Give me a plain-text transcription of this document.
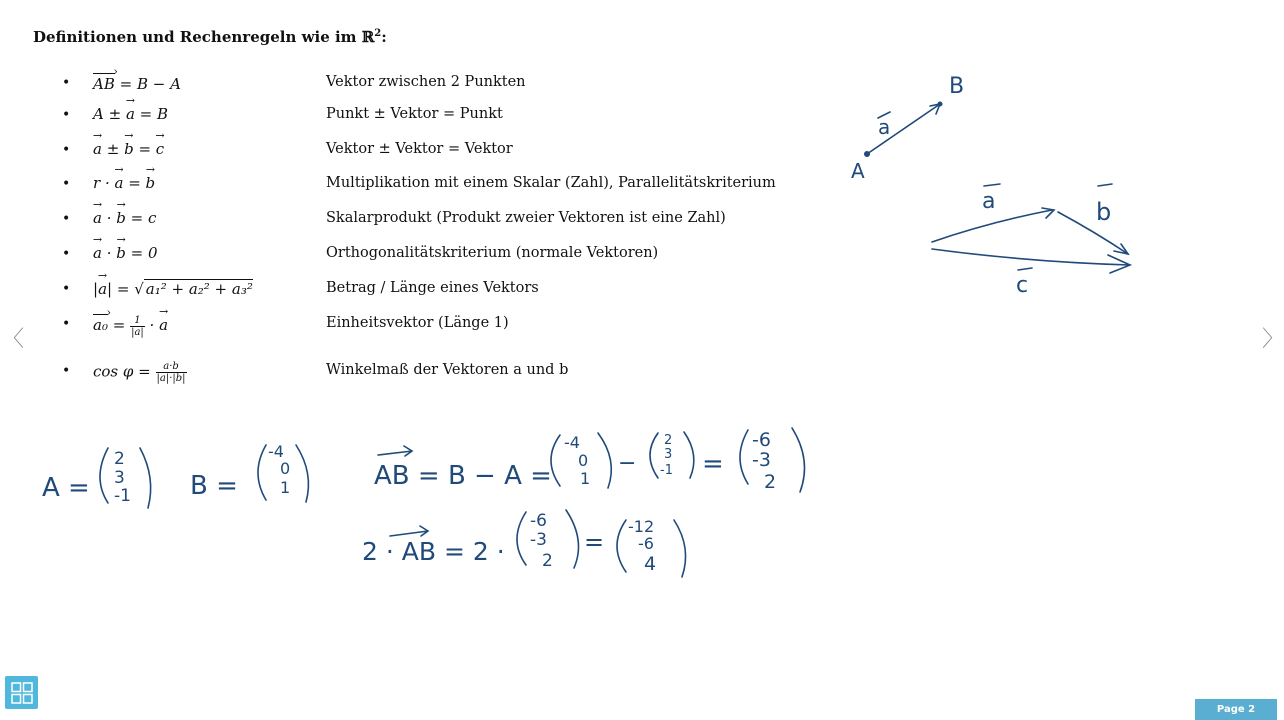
Definitionen und Rechenregeln wie im ℝ$^2$:
• AB › = B − A	Vektor zwischen 2 Punkten
• A ± → a = B	Punkt ± Vektor = Punkt
• → a ± → b = → c	Vektor ± Vektor = Vektor
• r · → a = → b	Multiplikation mit einem Skalar (Zahl), Parallelitätskriterium
• → a · → b = c	Skalarprodukt (Produkt zweier Vektoren ist eine Zahl)
• → a · → b = 0	Orthogonalitätskriterium (normale Vektoren)
• |→ a| = √ a₁² + a₂² + a₃²	Betrag / Länge eines Vektors
• a₀ › = $\frac{1}{|a|}$ · → a	Einheitsvektor (Länge 1)
• $\cos \varphi = \frac{a\cdot b}{|a|\cdot|b|}$	Winkelmaß der Vektoren a und b
A
B
a
a	b
c
A =
2
3
-1 B =
-4
0
1	AB = B − A =
-4
0
1
−
2
3
-1 =
-6
-3
2
2 · AB = 2 ·
-6
-3
2
=
-12
-6
4
〈	〉
Page 2
